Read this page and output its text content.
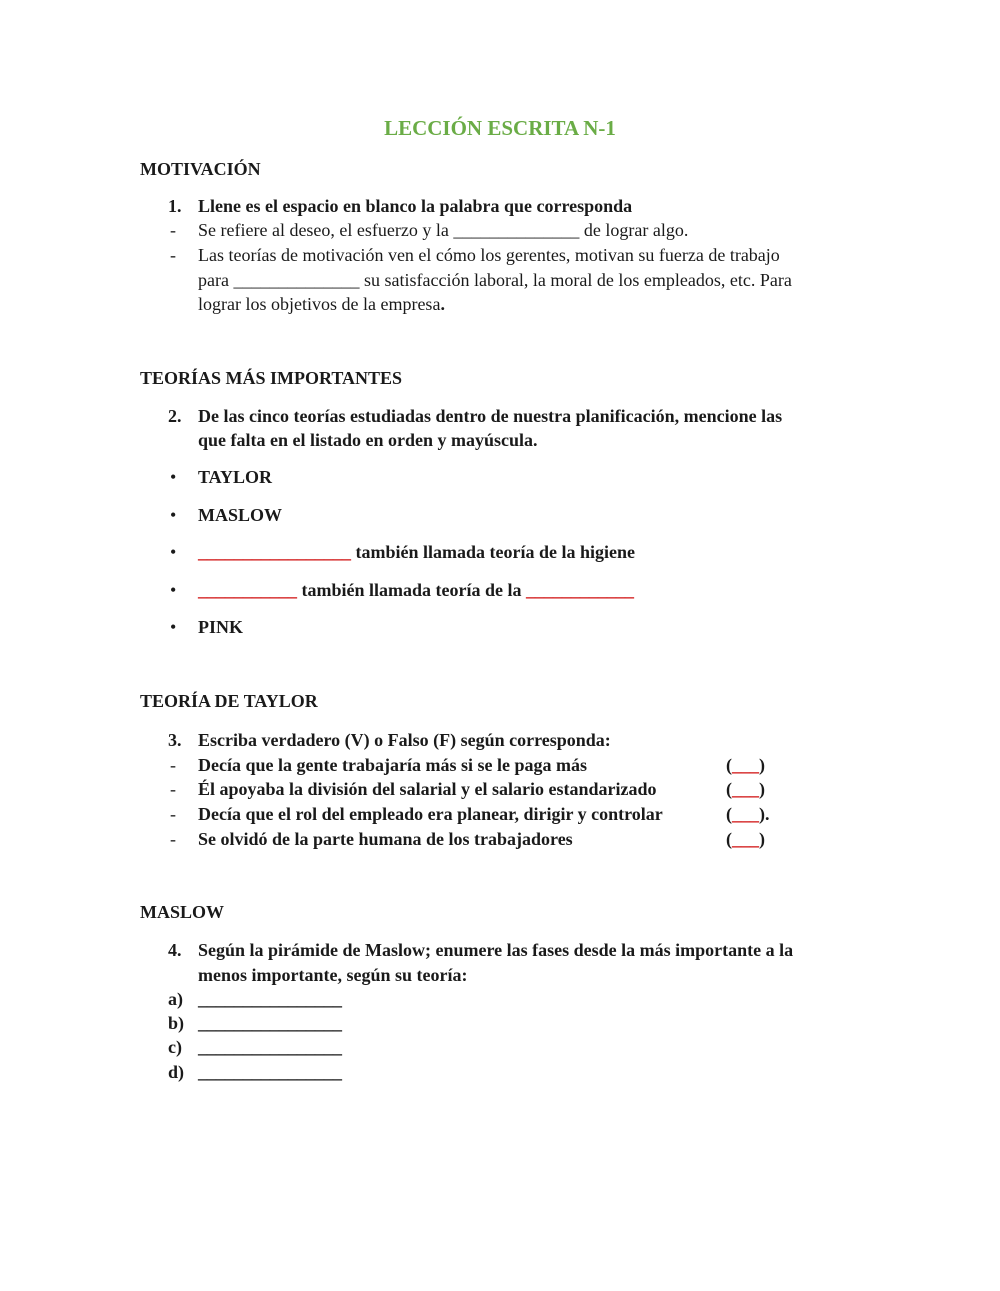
LECCIÓN ESCRITA N-1
MOTIVACIÓN
1. Llene es el espacio en blanco la palabra que corresponda
- Se refiere al deseo, el esfuerzo y la ______________ de lograr algo.
- Las teorías de motivación ven el cómo los gerentes, motivan su fuerza de trabajo
para ______________ su satisfacción laboral, la moral de los empleados, etc. Para
lograr los objetivos de la empresa.
TEORÍAS MÁS IMPORTANTES
2. De las cinco teorías estudiadas dentro de nuestra planificación, mencione las
que falta en el listado en orden y mayúscula.
• TAYLOR
• MASLOW
• _________________ también llamada teoría de la higiene
• ___________ también llamada teoría de la ____________
• PINK
TEORÍA DE TAYLOR
3. Escriba verdadero (V) o Falso (F) según corresponda:
- Decía que la gente trabajaría más si se le paga más	(___)
- Él apoyaba la división del salarial y el salario estandarizado	(___)
- Decía que el rol del empleado era planear, dirigir y controlar	(___).
- Se olvidó de la parte humana de los trabajadores	(___)
MASLOW
4. Según la pirámide de Maslow; enumere las fases desde la más importante a la
menos importante, según su teoría:
a) ________________
b) ________________
c) ________________
d) ________________
